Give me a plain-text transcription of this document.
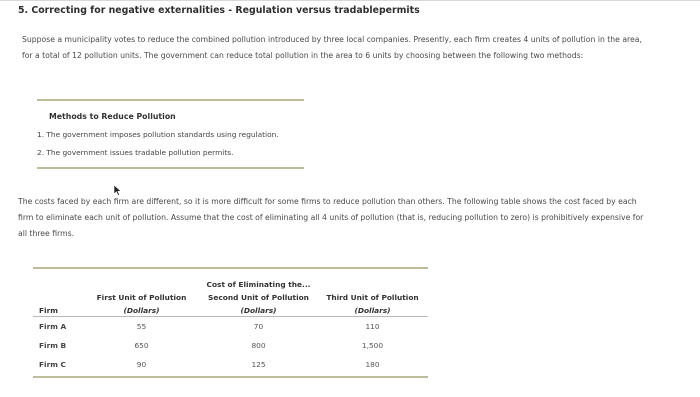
5. Correcting for negative externalities - Regulation versus tradablepermits

Suppose a municipality votes to reduce the combined pollution introduced by three local companies. Presently, each firm creates 4 units of pollution in the area, for a total of 12 pollution units. The government can reduce total pollution in the area to 6 units by choosing between the following two methods:

Methods to Reduce Pollution
1. The government imposes pollution standards using regulation.
2. The government issues tradable pollution permits.

The costs faced by each firm are different, so it is more difficult for some firms to reduce pollution than others. The following table shows the cost faced by each firm to eliminate each unit of pollution. Assume that the cost of eliminating all 4 units of pollution (that is, reducing pollution to zero) is prohibitively expensive for all three firms.

		Cost of Eliminating the...	
	First Unit of Pollution	Second Unit of Pollution	Third Unit of Pollution
Firm	(Dollars)	(Dollars)	(Dollars)
Firm A	55	70	110
Firm B	650	800	1,500
Firm C	90	125	180
